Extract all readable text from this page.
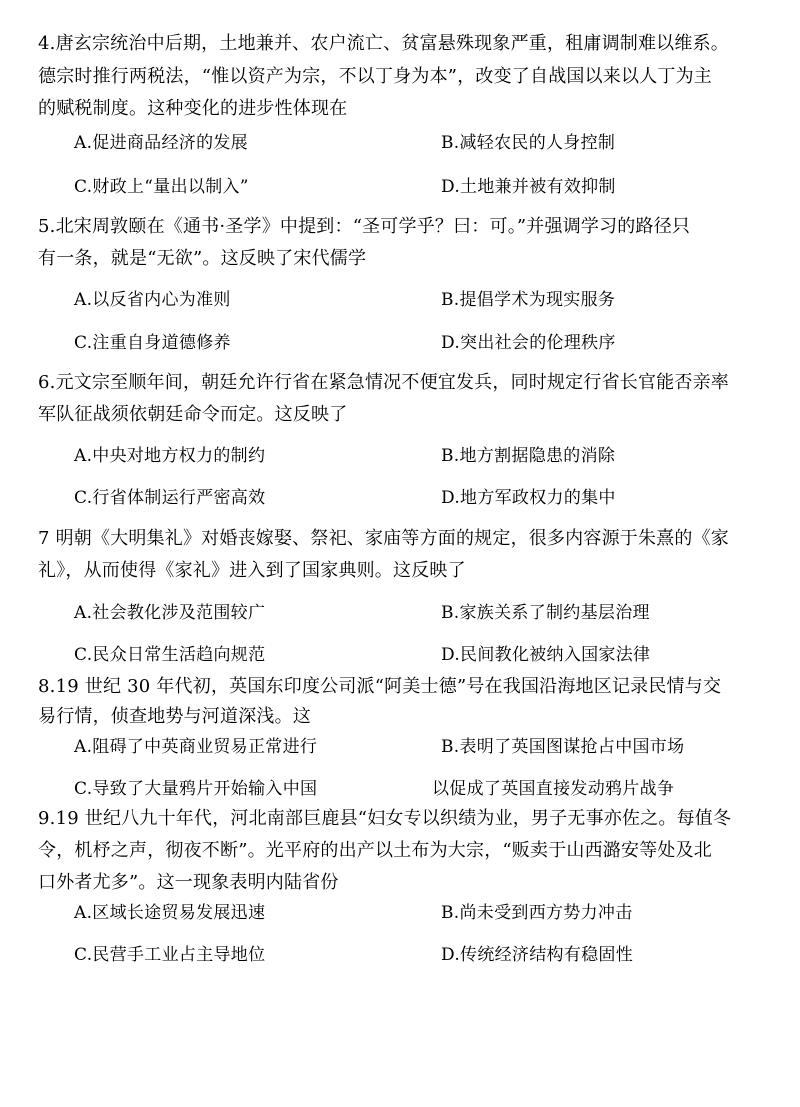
4.唐玄宗统治中后期，土地兼并、农户流亡、贫富悬殊现象严重，租庸调制难以维系。
德宗时推行两税法，“惟以资产为宗，不以丁身为本”，改变了自战国以来以人丁为主
的赋税制度。这种变化的进步性体现在
A.促进商品经济的发展	B.减轻农民的人身控制
C.财政上“量出以制入”	D.土地兼并被有效抑制
5.北宋周敦颐在《通书·圣学》中提到：“圣可学乎？曰：可。”并强调学习的路径只
有一条，就是“无欲”。这反映了宋代儒学
A.以反省内心为准则	B.提倡学术为现实服务
C.注重自身道德修养	D.突出社会的伦理秩序
6.元文宗至顺年间，朝廷允许行省在紧急情况不便宜发兵，同时规定行省长官能否亲率
军队征战须依朝廷命令而定。这反映了
A.中央对地方权力的制约	B.地方割据隐患的消除
C.行省体制运行严密高效	D.地方军政权力的集中
7 明朝《大明集礼》对婚丧嫁娶、祭祀、家庙等方面的规定，很多内容源于朱熹的《家
礼》，从而使得《家礼》进入到了国家典则。这反映了
A.社会教化涉及范围较广	B.家族关系了制约基层治理
C.民众日常生活趋向规范	D.民间教化被纳入国家法律
8.19 世纪 30 年代初，英国东印度公司派“阿美士德”号在我国沿海地区记录民情与交
易行情，侦查地势与河道深浅。这
A.阻碍了中英商业贸易正常进行	B.表明了英国图谋抢占中国市场
C.导致了大量鸦片开始输入中国	以促成了英国直接发动鸦片战争
9.19 世纪八九十年代，河北南部巨鹿县“妇女专以织绩为业，男子无事亦佐之。每值冬
令，机杼之声，彻夜不断”。光平府的出产以土布为大宗，“贩卖于山西潞安等处及北
口外者尤多”。这一现象表明内陆省份
A.区域长途贸易发展迅速	B.尚未受到西方势力冲击
C.民营手工业占主导地位	D.传统经济结构有稳固性
